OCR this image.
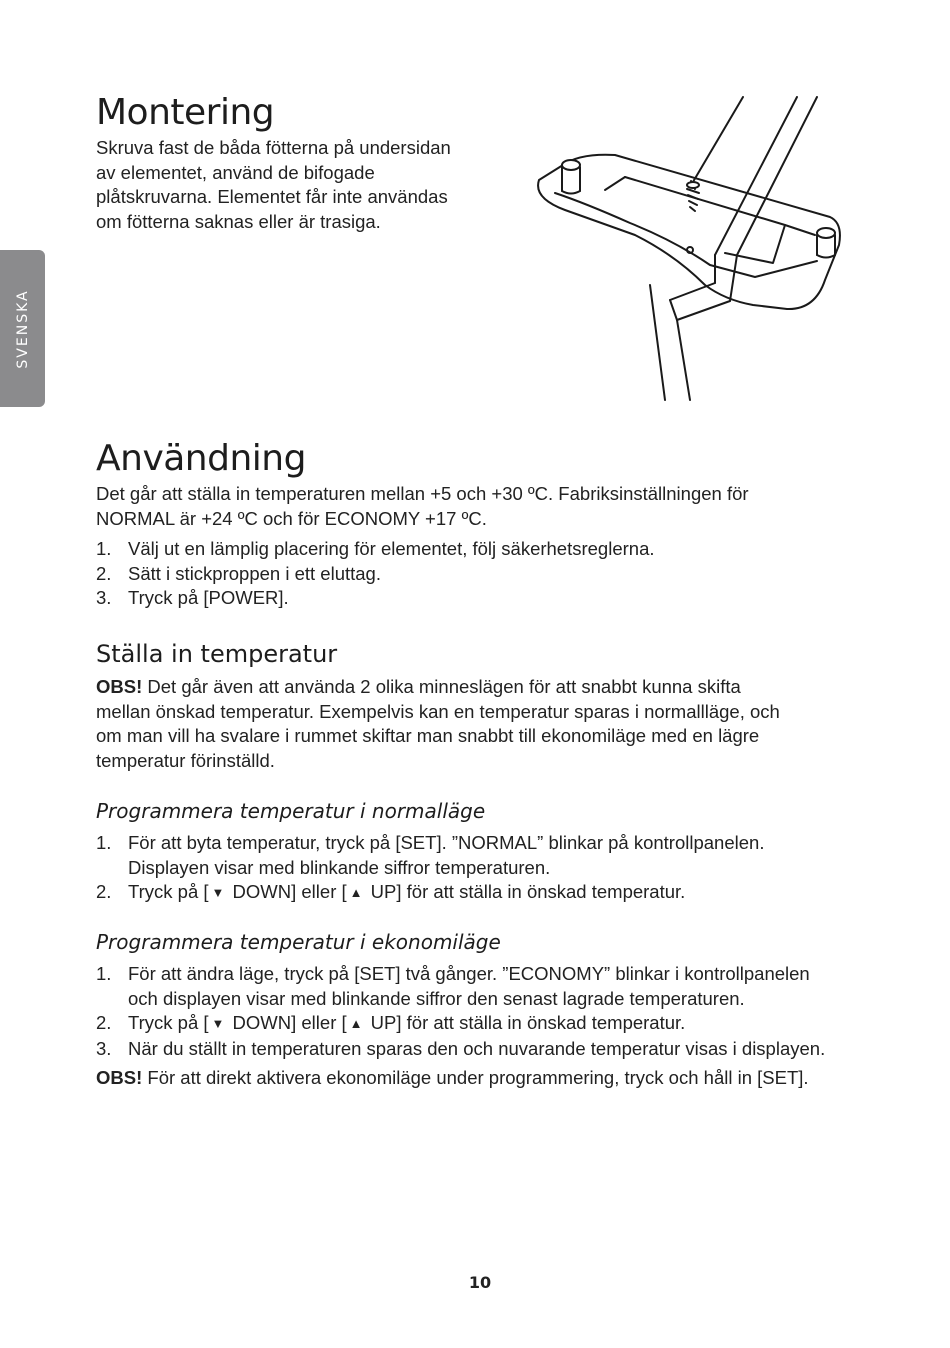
SVENSKA
Montering
Skruva fast de båda fötterna på undersidan
av elementet, använd de bifogade
plåtskruvarna. Elementet får inte användas
om fötterna saknas eller är trasiga.
Användning
Det går att ställa in temperaturen mellan +5 och +30 ºC. Fabriksinställningen för
NORMAL är +24 ºC och för ECONOMY +17 ºC.
1. Välj ut en lämplig placering för elementet, följ säkerhetsreglerna.
2. Sätt i stickproppen i ett eluttag.
3. Tryck på [POWER].
Ställa in temperatur
OBS! Det går även att använda 2 olika minneslägen för att snabbt kunna skifta
mellan önskad temperatur. Exempelvis kan en temperatur sparas i normallläge, och
om man vill ha svalare i rummet skiftar man snabbt till ekonomiläge med en lägre
temperatur förinställd.
Programmera temperatur i normalläge
1. För att byta temperatur, tryck på [SET]. ”NORMAL” blinkar på kontrollpanelen.
Displayen visar med blinkande siffror temperaturen.
2. Tryck på [ ▼ DOWN] eller [ ▲ UP] för att ställa in önskad temperatur.
Programmera temperatur i ekonomiläge
1. För att ändra läge, tryck på [SET] två gånger. ”ECONOMY” blinkar i kontrollpanelen
och displayen visar med blinkande siffror den senast lagrade temperaturen.
2. Tryck på [ ▼ DOWN] eller [ ▲ UP] för att ställa in önskad temperatur.
3. När du ställt in temperaturen sparas den och nuvarande temperatur visas i displayen.
OBS! För att direkt aktivera ekonomiläge under programmering, tryck och håll in [SET].
10
